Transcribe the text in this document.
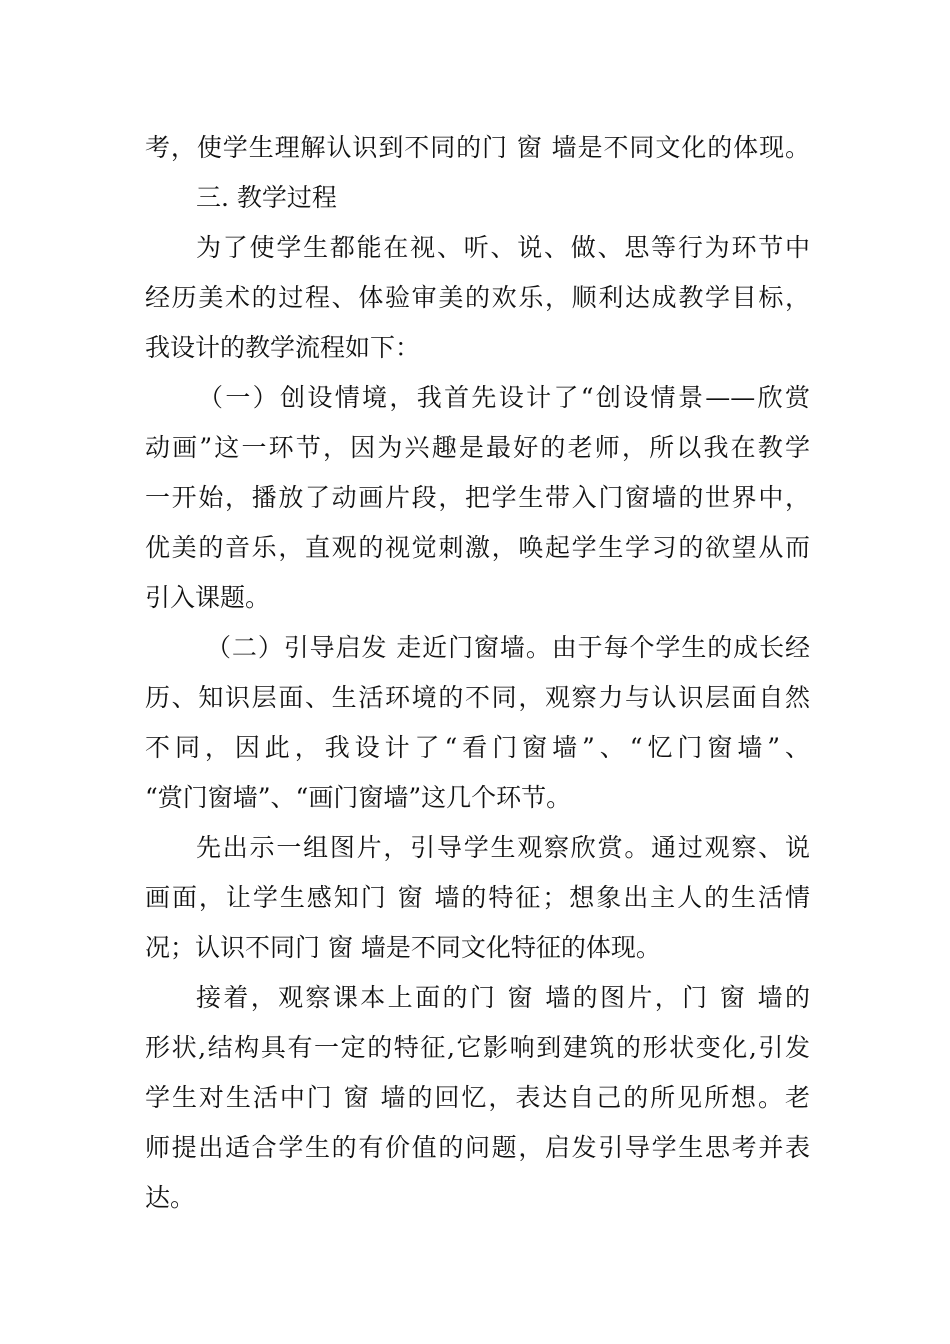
考，使学生理解认识到不同的门 窗 墙是不同文化的体现。
三. 教学过程
为了使学生都能在视、听、说、做、思等行为环节中
经历美术的过程、体验审美的欢乐，顺利达成教学目标，
我设计的教学流程如下：
（一）创设情境，我首先设计了“创设情景——欣赏
动画”这一环节，因为兴趣是最好的老师，所以我在教学
一开始，播放了动画片段，把学生带入门窗墙的世界中，
优美的音乐，直观的视觉刺激，唤起学生学习的欲望从而
引入课题。
（二）引导启发 走近门窗墙。由于每个学生的成长经
历、知识层面、生活环境的不同，观察力与认识层面自然
不同，因此，我设计了“看门窗墙”、“忆门窗墙”、
“赏门窗墙”、“画门窗墙”这几个环节。
先出示一组图片，引导学生观察欣赏。通过观察、说
画面，让学生感知门 窗 墙的特征；想象出主人的生活情
况；认识不同门 窗 墙是不同文化特征的体现。
接着，观察课本上面的门 窗 墙的图片，门 窗 墙的
形状,结构具有一定的特征,它影响到建筑的形状变化,引发
学生对生活中门 窗 墙的回忆，表达自己的所见所想。老
师提出适合学生的有价值的问题，启发引导学生思考并表
达。
